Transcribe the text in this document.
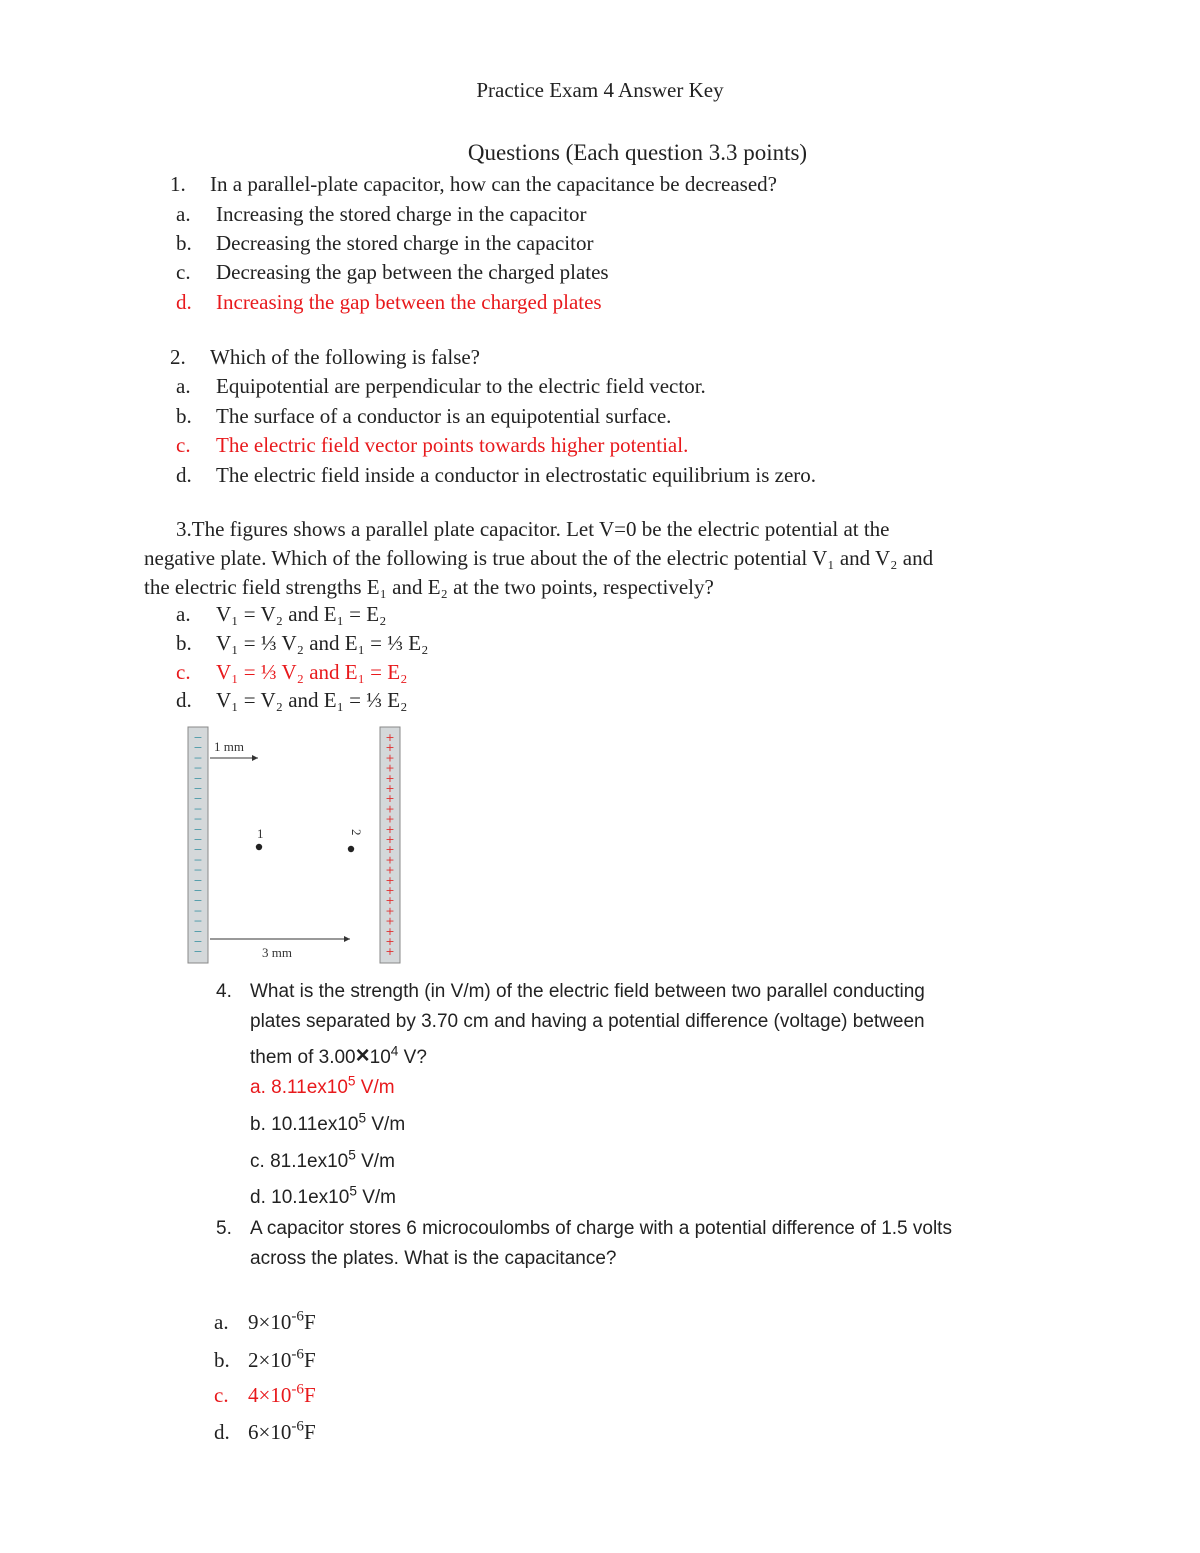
Practice Exam 4 Answer Key
Questions (Each question 3.3 points)
1. In a parallel-plate capacitor, how can the capacitance be decreased?
a. Increasing the stored charge in the capacitor
b. Decreasing the stored charge in the capacitor
c. Decreasing the gap between the charged plates
d. Increasing the gap between the charged plates
2. Which of the following is false?
a. Equipotential are perpendicular to the electric field vector.
b. The surface of a conductor is an equipotential surface.
c. The electric field vector points towards higher potential.
d. The electric field inside a conductor in electrostatic equilibrium is zero.
3.The figures shows a parallel plate capacitor. Let V=0 be the electric potential at the
negative plate. Which of the following is true about the of the electric potential V₁ and V₂ and
the electric field strengths E₁ and E₂ at the two points, respectively?
a. V₁ = V₂ and E₁ = E₂
b. V₁ = ⅓ V₂ and E₁ = ⅓ E₂
c. V₁ = ⅓ V₂ and E₁ = E₂
d. V₁ = V₂ and E₁ = ⅓ E₂
−
−
−
−
−
−
−
−
−
−
−
−
−
−
−
−
−
−
−
−
−
−
+
+
+
+
+
+
+
+
+
+
+
+
+
+
+
+
+
+
+
+
+
+
1 mm
1	2
3 mm
4. What is the strength (in V/m) of the electric field between two parallel conducting
plates separated by 3.70 cm and having a potential difference (voltage) between
them of $3.00\times 10^4$ V?
a. $8.11ex10^5$ V/m
b. $10.11ex10^5$ V/m
c. $81.1ex10^5$ V/m
d. $10.1ex10^5$ V/m
5. A capacitor stores 6 microcoulombs of charge with a potential difference of 1.5 volts
across the plates. What is the capacitance?
a. $9\times 10^{-6}F$
b. $2\times 10^{-6}F$
c. $4\times 10^{-6}F$
d. $6\times 10^{-6}F$
